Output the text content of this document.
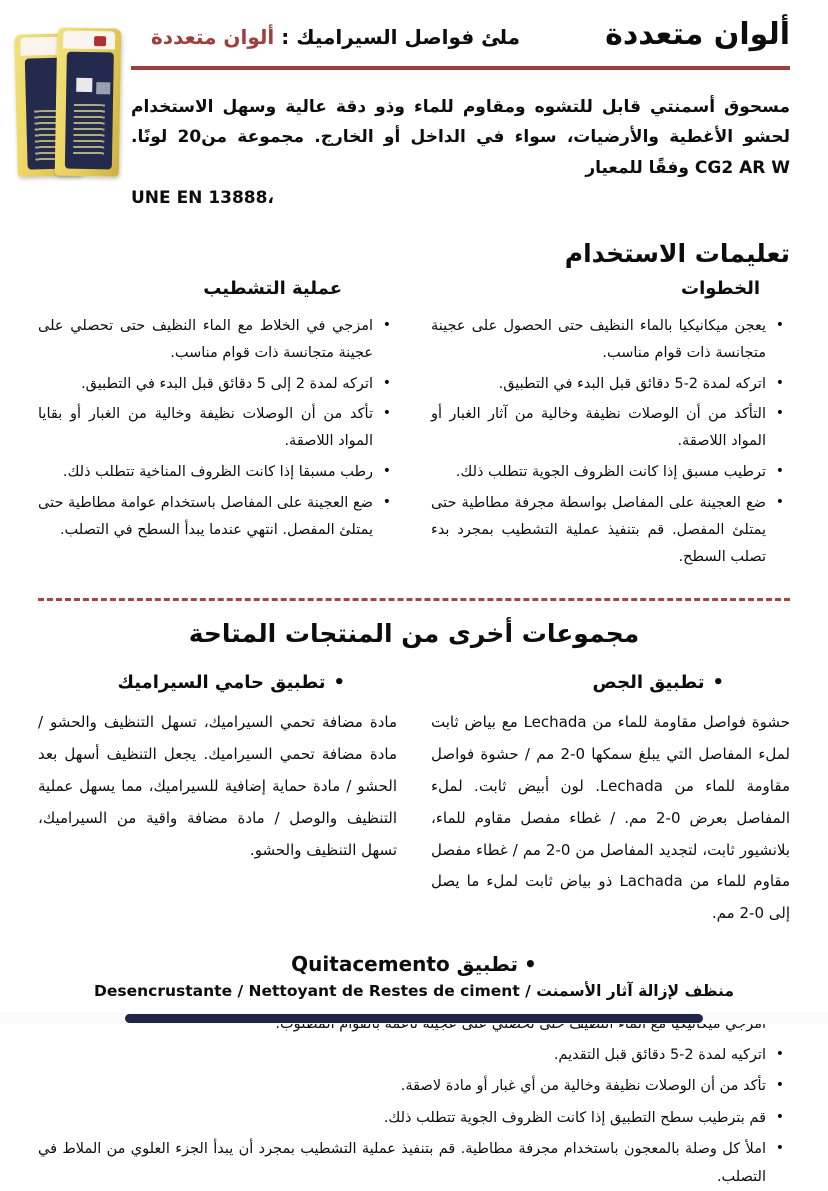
ألوان متعددة
ملئ فواصل السيراميك : ألوان متعددة

مسحوق أسمنتي قابل للتشوه ومقاوم للماء وذو دقة عالية وسهل الاستخدام لحشو الأغطية والأرضيات، سواء في الداخل أو الخارج. مجموعة من20 لونًا. CG2 AR W وفقًا للمعيار
UNE EN 13888،

تعليمات الاستخدام
الخطوات
• يعجن ميكانيكيا بالماء النظيف حتى الحصول على عجينة متجانسة ذات قوام مناسب.
• اتركه لمدة 2-5 دقائق قبل البدء في التطبيق.
• التأكد من أن الوصلات نظيفة وخالية من آثار الغبار أو المواد اللاصقة.
• ترطيب مسبق إذا كانت الظروف الجوية تتطلب ذلك.
• ضع العجينة على المفاصل بواسطة مجرفة مطاطية حتى يمتلئ المفصل. قم بتنفيذ عملية التشطيب بمجرد بدء تصلب السطح.
عملية التشطيب
• امزجي في الخلاط مع الماء النظيف حتى تحصلي على عجينة متجانسة ذات قوام مناسب.
• اتركه لمدة 2 إلى 5 دقائق قبل البدء في التطبيق.
• تأكد من أن الوصلات نظيفة وخالية من الغبار أو بقايا المواد اللاصقة.
• رطب مسبقا إذا كانت الظروف المناخية تتطلب ذلك.
• ضع العجينة على المفاصل باستخدام عوامة مطاطية حتى يمتلئ المفصل. انتهي عندما يبدأ السطح في التصلب.
مجموعات أخرى من المنتجات المتاحة
•تطبيق الجص

حشوة فواصل مقاومة للماء من Lechada مع بياض ثابت لملء المفاصل التي يبلغ سمكها 0-2 مم / حشوة فواصل مقاومة للماء من Lechada. لون أبيض ثابت. لملء المفاصل بعرض 0-2 مم. / غطاء مفصل مقاوم للماء، بلانشيور ثابت، لتجديد المفاصل من 0-2 مم / غطاء مفصل مقاوم للماء من Lachada ذو بياض ثابت لملء ما يصل إلى 0-2 مم.

•تطبيق حامي السيراميك

مادة مضافة تحمي السيراميك، تسهل التنظيف والحشو / مادة مضافة تحمي السيراميك. يجعل التنظيف أسهل بعد الحشو / مادة حماية إضافية للسيراميك، مما يسهل عملية التنظيف والوصل / مادة مضافة واقية من السيراميك، تسهل التنظيف والحشو.

•تطبيق Quitacemento

منظف لإزالة آثار الأسمنت / Desencrustante / Nettoyant de Restes de ciment

•
• اتركيه لمدة 2-5 دقائق قبل التقديم.
• تأكد من أن الوصلات نظيفة وخالية من أي غبار أو مادة لاصقة.
• قم بترطيب سطح التطبيق إذا كانت الظروف الجوية تتطلب ذلك.
• املأ كل وصلة بالمعجون باستخدام مجرفة مطاطية. قم بتنفيذ عملية التشطيب بمجرد أن يبدأ الجزء العلوي من الملاط في التصلب.
